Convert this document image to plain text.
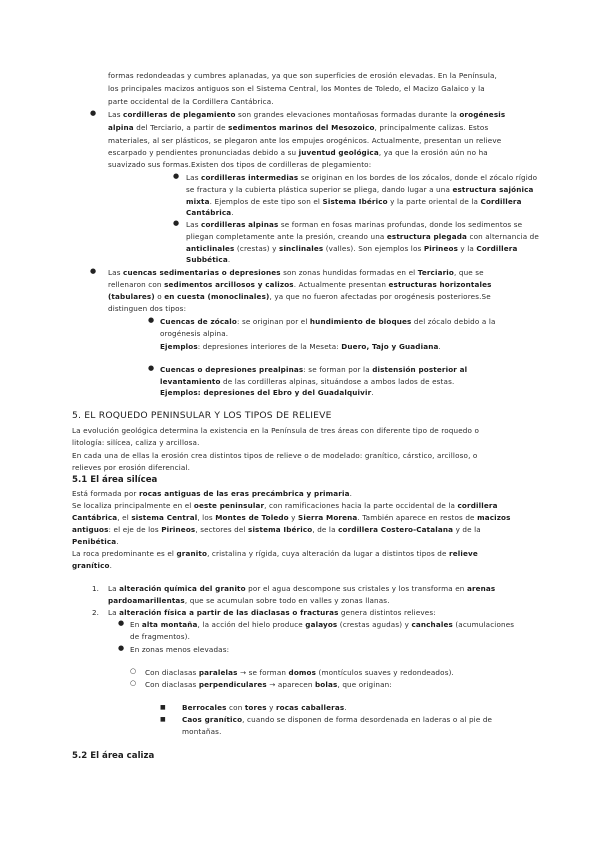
formas redondeadas y cumbres aplanadas, ya que son superficies de erosión elevadas. En la Península,

los principales macizos antiguos son el Sistema Central, los Montes de Toledo, el Macizo Galaico y la

parte occidental de la Cordillera Cantábrica.

● Las cordilleras de plegamiento son grandes elevaciones montañosas formadas durante la orogénesis

alpina del Terciario, a partir de sedimentos marinos del Mesozoico, principalmente calizas. Estos

materiales, al ser plásticos, se plegaron ante los empujes orogénicos. Actualmente, presentan un relieve

escarpado y pendientes pronunciadas debido a su juventud geológica, ya que la erosión aún no ha

suavizado sus formas.Existen dos tipos de cordilleras de plegamiento:

● Las cordilleras intermedias se originan en los bordes de los zócalos, donde el zócalo rígido

se fractura y la cubierta plástica superior se pliega, dando lugar a una estructura sajónica

mixta. Ejemplos de este tipo son el Sistema Ibérico y la parte oriental de la Cordillera

Cantábrica.

● Las cordilleras alpinas se forman en fosas marinas profundas, donde los sedimentos se

pliegan completamente ante la presión, creando una estructura plegada con alternancia de

anticlinales (crestas) y sinclinales (valles). Son ejemplos los Pirineos y la Cordillera

Subbética.

● Las cuencas sedimentarias o depresiones son zonas hundidas formadas en el Terciario, que se

rellenaron con sedimentos arcillosos y calizos. Actualmente presentan estructuras horizontales

(tabulares) o en cuesta (monoclinales), ya que no fueron afectadas por orogénesis posteriores.Se

distinguen dos tipos:

● Cuencas de zócalo: se originan por el hundimiento de bloques del zócalo debido a la

orogénesis alpina.

Ejemplos: depresiones interiores de la Meseta: Duero, Tajo y Guadiana.

● Cuencas o depresiones prealpinas: se forman por la distensión posterior al

levantamiento de las cordilleras alpinas, situándose a ambos lados de estas.

Ejemplos: depresiones del Ebro y del Guadalquivir.

5. EL ROQUEDO PENINSULAR Y LOS TIPOS DE RELIEVE

La evolución geológica determina la existencia en la Península de tres áreas con diferente tipo de roquedo o

litología: silícea, caliza y arcillosa.

En cada una de ellas la erosión crea distintos tipos de relieve o de modelado: granítico, cárstico, arcilloso, o

relieves por erosión diferencial.

5.1 El área silícea

Está formada por rocas antiguas de las eras precámbrica y primaria.

Se localiza principalmente en el oeste peninsular, con ramificaciones hacia la parte occidental de la cordillera

Cantábrica, el sistema Central, los Montes de Toledo y Sierra Morena. También aparece en restos de macizos

antiguos: el eje de los Pirineos, sectores del sistema Ibérico, de la cordillera Costero-Catalana y de la

Penibética.

La roca predominante es el granito, cristalina y rígida, cuya alteración da lugar a distintos tipos de relieve

granítico.

1. La alteración química del granito por el agua descompone sus cristales y los transforma en arenas

pardoamarillentas, que se acumulan sobre todo en valles y zonas llanas.

2. La alteración física a partir de las diaclasas o fracturas genera distintos relieves:

● En alta montaña, la acción del hielo produce galayos (crestas agudas) y canchales (acumulaciones

de fragmentos).

● En zonas menos elevadas:

○ Con diaclasas paralelas → se forman domos (montículos suaves y redondeados).

○ Con diaclasas perpendiculares → aparecen bolas, que originan:

■ Berrocales con tores y rocas caballeras.

■ Caos granítico, cuando se disponen de forma desordenada en laderas o al pie de

montañas.

5.2 El área caliza
